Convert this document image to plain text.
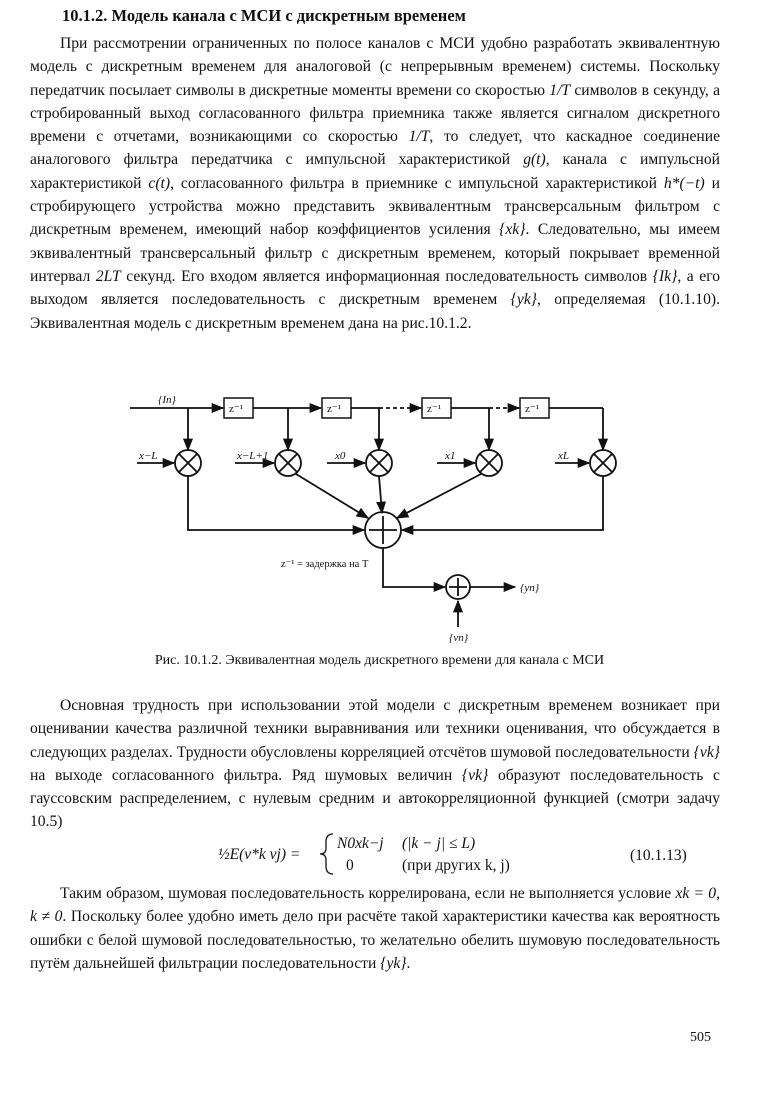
10.1.2. Модель канала с МСИ с дискретным временем

При рассмотрении ограниченных по полосе каналов с МСИ удобно разработать эквивалентную модель с дискретным временем для аналоговой (с непрерывным временем) системы. Поскольку передатчик посылает символы в дискретные моменты времени со скоростью 1/T символов в секунду, а стробированный выход согласованного фильтра приемника также является сигналом дискретного времени с отчетами, возникающими со скоростью 1/T, то следует, что каскадное соединение аналогового фильтра передатчика с импульсной характеристикой g(t), канала с импульсной характеристикой c(t), согласованного фильтра в приемнике с импульсной характеристикой h*(−t) и стробирующего устройства можно представить эквивалентным трансверсальным фильтром с дискретным временем, имеющий набор коэффициентов усиления {xk}. Следовательно, мы имеем эквивалентный трансверсальный фильтр с дискретным временем, который покрывает временной интервал 2LT секунд. Его входом является информационная последовательность символов {Ik}, а его выходом является последовательность с дискретным временем {yk}, определяемая (10.1.10). Эквивалентная модель с дискретным временем дана на рис.10.1.2.

z⁻¹	z⁻¹	z⁻¹	z⁻¹
{In}
x−L	x−L+1	x0	x1	xL
z⁻¹ = задержка на T
{yn}
{vn}
Рис. 10.1.2. Эквивалентная модель дискретного времени для канала с МСИ

Основная трудность при использовании этой модели с дискретным временем возникает при оценивании качества различной техники выравнивания или техники оценивания, что обсуждается в следующих разделах. Трудности обусловлены корреляцией отсчётов шумовой последовательности {vk} на выходе согласованного фильтра. Ряд шумовых величин {vk} образуют последовательность с гауссовским распределением, с нулевым средним и автокорреляционной функцией (смотри задачу 10.5)

½E(v*k vj) =
N0xk−j (|k − j| ≤ L)
0	(при других k, j)
(10.1.13)

Таким образом, шумовая последовательность коррелирована, если не выполняется условие xk = 0, k ≠ 0. Поскольку более удобно иметь дело при расчёте такой характеристики качества как вероятность ошибки с белой шумовой последовательностью, то желательно обелить шумовую последовательность путём дальнейшей фильтрации последовательности {yk}.

505
